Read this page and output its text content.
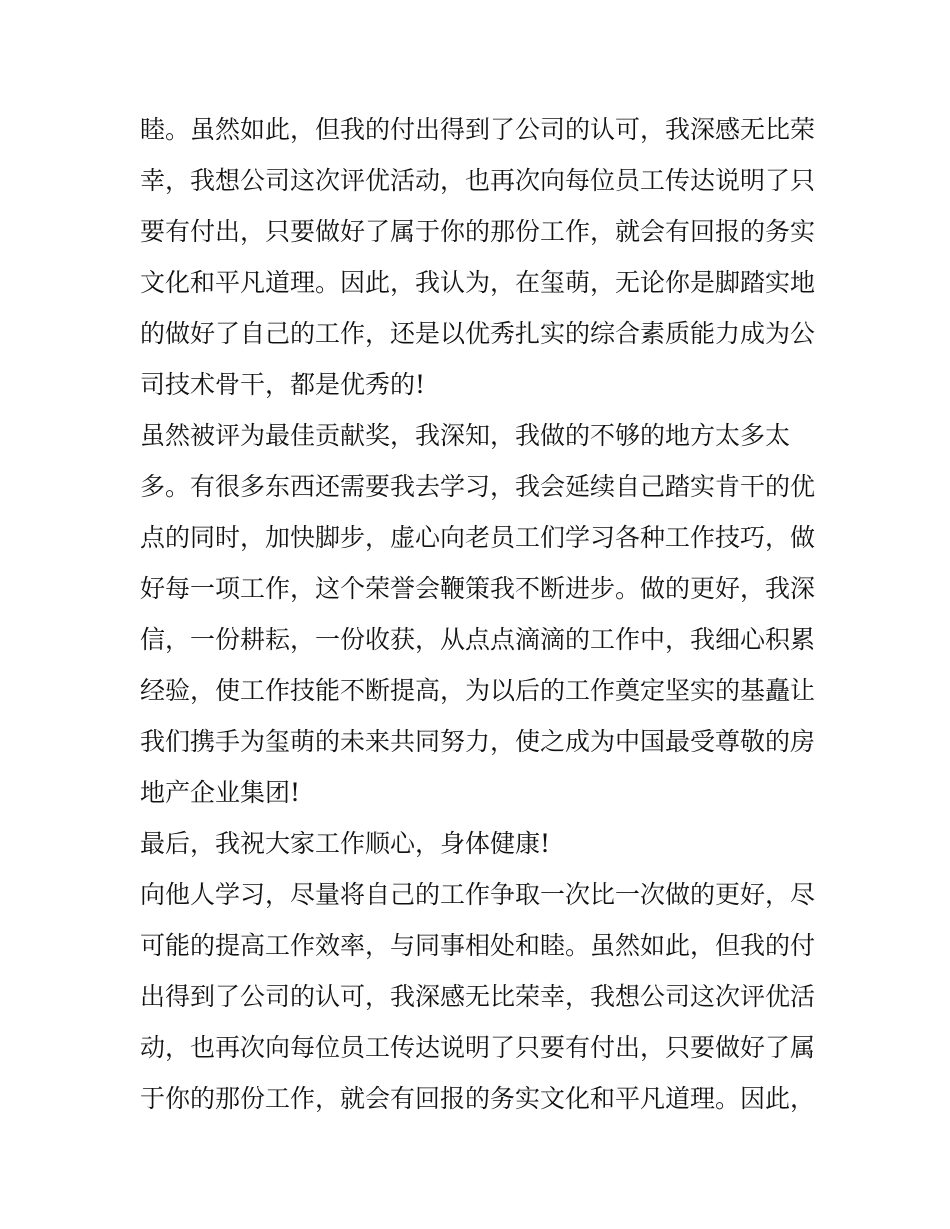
睦。虽然如此，但我的付出得到了公司的认可，我深感无比荣
幸，我想公司这次评优活动，也再次向每位员工传达说明了只
要有付出，只要做好了属于你的那份工作，就会有回报的务实
文化和平凡道理。因此，我认为，在玺萌，无论你是脚踏实地
的做好了自己的工作，还是以优秀扎实的综合素质能力成为公
司技术骨干，都是优秀的!
虽然被评为最佳贡献奖，我深知，我做的不够的地方太多太
多。有很多东西还需要我去学习，我会延续自己踏实肯干的优
点的同时，加快脚步，虚心向老员工们学习各种工作技巧，做
好每一项工作，这个荣誉会鞭策我不断进步。做的更好，我深
信，一份耕耘，一份收获，从点点滴滴的工作中，我细心积累
经验，使工作技能不断提高，为以后的工作奠定坚实的基矗让
我们携手为玺萌的未来共同努力，使之成为中国最受尊敬的房
地产企业集团!
最后，我祝大家工作顺心，身体健康!
向他人学习，尽量将自己的工作争取一次比一次做的更好，尽
可能的提高工作效率，与同事相处和睦。虽然如此，但我的付
出得到了公司的认可，我深感无比荣幸，我想公司这次评优活
动，也再次向每位员工传达说明了只要有付出，只要做好了属
于你的那份工作，就会有回报的务实文化和平凡道理。因此，
